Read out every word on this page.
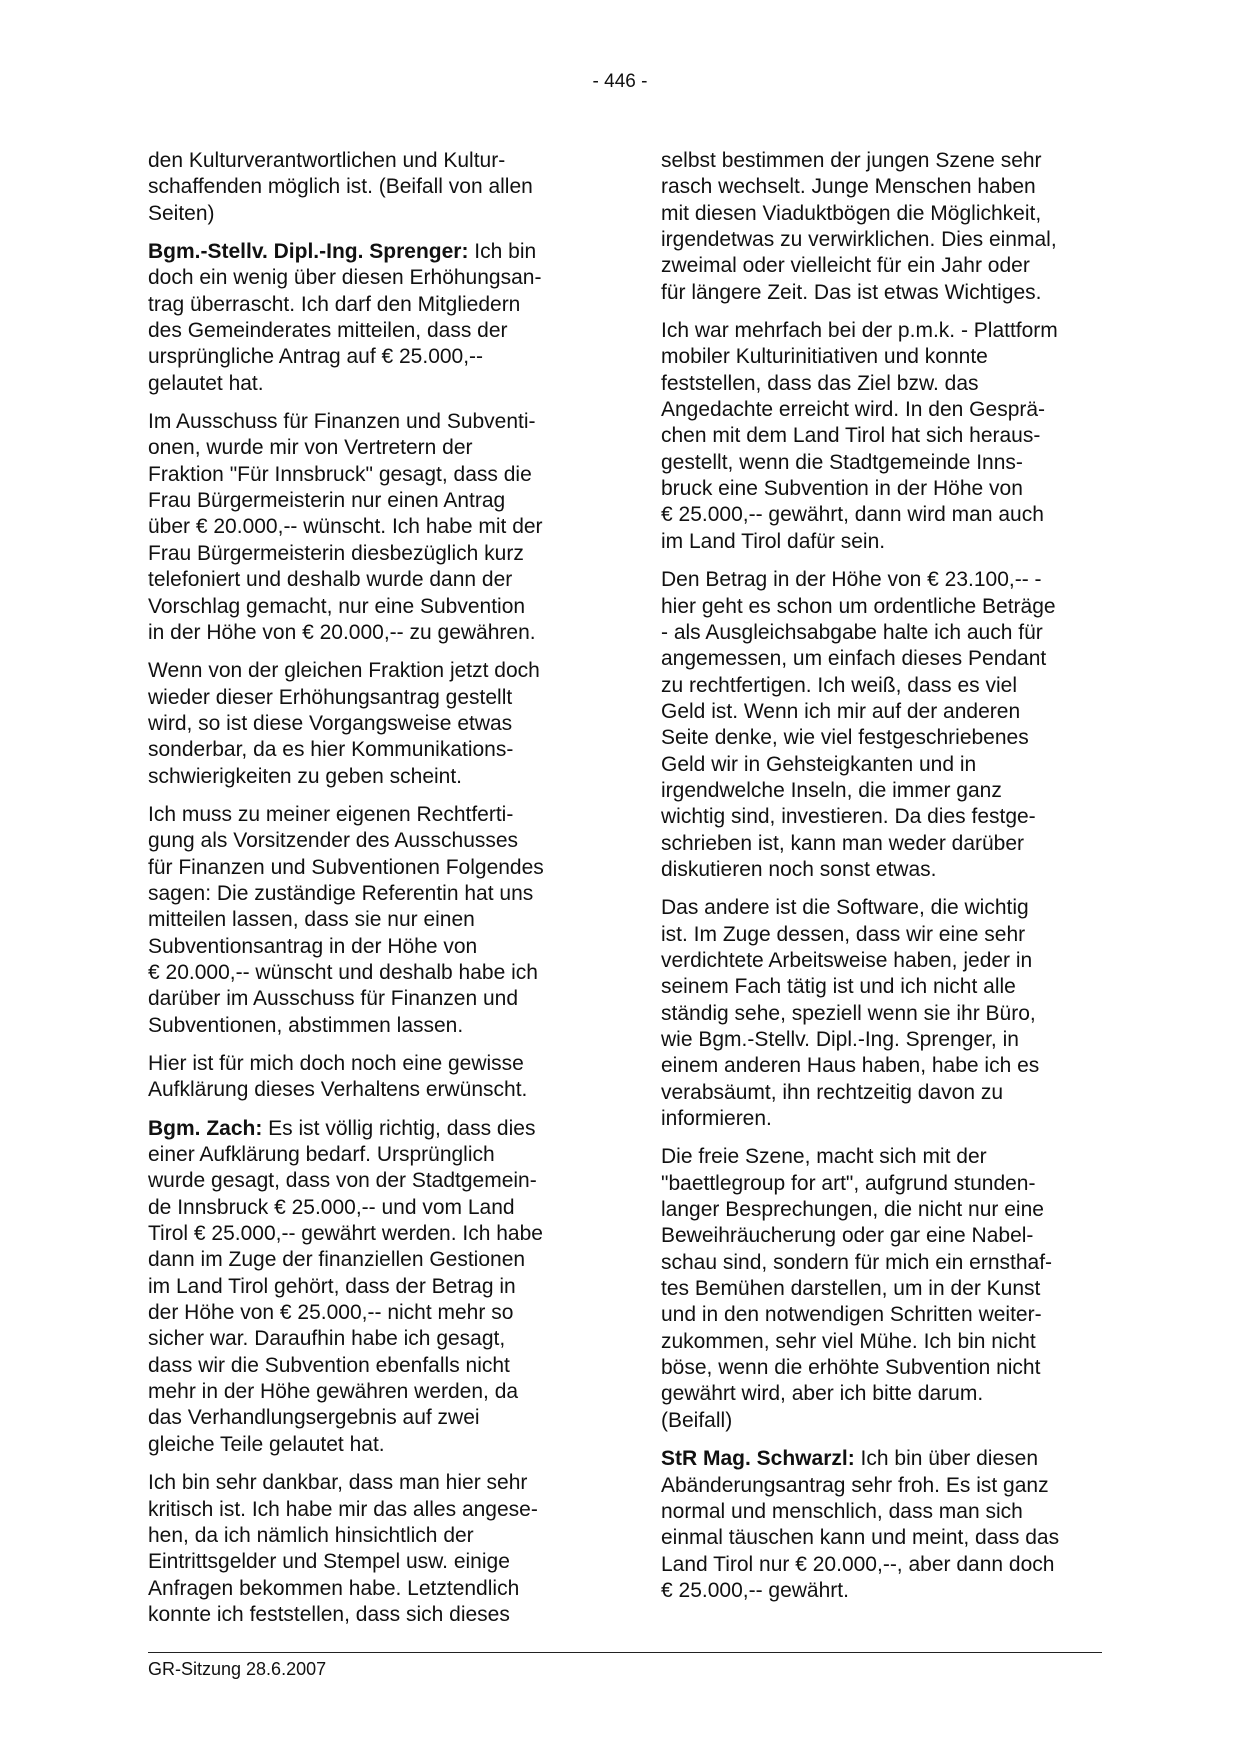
- 446 -
den Kulturverantwortlichen und Kultur-
schaffenden möglich ist. (Beifall von allen
Seiten)
Bgm.-Stellv. Dipl.-Ing. Sprenger: Ich bin
doch ein wenig über diesen Erhöhungsan-
trag überrascht. Ich darf den Mitgliedern
des Gemeinderates mitteilen, dass der
ursprüngliche Antrag auf € 25.000,--
gelautet hat.
Im Ausschuss für Finanzen und Subventi-
onen, wurde mir von Vertretern der
Fraktion "Für Innsbruck" gesagt, dass die
Frau Bürgermeisterin nur einen Antrag
über € 20.000,-- wünscht. Ich habe mit der
Frau Bürgermeisterin diesbezüglich kurz
telefoniert und deshalb wurde dann der
Vorschlag gemacht, nur eine Subvention
in der Höhe von € 20.000,-- zu gewähren.
Wenn von der gleichen Fraktion jetzt doch
wieder dieser Erhöhungsantrag gestellt
wird, so ist diese Vorgangsweise etwas
sonderbar, da es hier Kommunikations-
schwierigkeiten zu geben scheint.
Ich muss zu meiner eigenen Rechtferti-
gung als Vorsitzender des Ausschusses
für Finanzen und Subventionen Folgendes
sagen: Die zuständige Referentin hat uns
mitteilen lassen, dass sie nur einen
Subventionsantrag in der Höhe von
€ 20.000,-- wünscht und deshalb habe ich
darüber im Ausschuss für Finanzen und
Subventionen, abstimmen lassen.
Hier ist für mich doch noch eine gewisse
Aufklärung dieses Verhaltens erwünscht.
Bgm. Zach: Es ist völlig richtig, dass dies
einer Aufklärung bedarf. Ursprünglich
wurde gesagt, dass von der Stadtgemein-
de Innsbruck € 25.000,-- und vom Land
Tirol € 25.000,-- gewährt werden. Ich habe
dann im Zuge der finanziellen Gestionen
im Land Tirol gehört, dass der Betrag in
der Höhe von € 25.000,-- nicht mehr so
sicher war. Daraufhin habe ich gesagt,
dass wir die Subvention ebenfalls nicht
mehr in der Höhe gewähren werden, da
das Verhandlungsergebnis auf zwei
gleiche Teile gelautet hat.
Ich bin sehr dankbar, dass man hier sehr
kritisch ist. Ich habe mir das alles angese-
hen, da ich nämlich hinsichtlich der
Eintrittsgelder und Stempel usw. einige
Anfragen bekommen habe. Letztendlich
konnte ich feststellen, dass sich dieses
selbst bestimmen der jungen Szene sehr
rasch wechselt. Junge Menschen haben
mit diesen Viaduktbögen die Möglichkeit,
irgendetwas zu verwirklichen. Dies einmal,
zweimal oder vielleicht für ein Jahr oder
für längere Zeit. Das ist etwas Wichtiges.
Ich war mehrfach bei der p.m.k. - Plattform
mobiler Kulturinitiativen und konnte
feststellen, dass das Ziel bzw. das
Angedachte erreicht wird. In den Gesprä-
chen mit dem Land Tirol hat sich heraus-
gestellt, wenn die Stadtgemeinde Inns-
bruck eine Subvention in der Höhe von
€ 25.000,-- gewährt, dann wird man auch
im Land Tirol dafür sein.
Den Betrag in der Höhe von € 23.100,-- -
hier geht es schon um ordentliche Beträge
- als Ausgleichsabgabe halte ich auch für
angemessen, um einfach dieses Pendant
zu rechtfertigen. Ich weiß, dass es viel
Geld ist. Wenn ich mir auf der anderen
Seite denke, wie viel festgeschriebenes
Geld wir in Gehsteigkanten und in
irgendwelche Inseln, die immer ganz
wichtig sind, investieren. Da dies festge-
schrieben ist, kann man weder darüber
diskutieren noch sonst etwas.
Das andere ist die Software, die wichtig
ist. Im Zuge dessen, dass wir eine sehr
verdichtete Arbeitsweise haben, jeder in
seinem Fach tätig ist und ich nicht alle
ständig sehe, speziell wenn sie ihr Büro,
wie Bgm.-Stellv. Dipl.-Ing. Sprenger, in
einem anderen Haus haben, habe ich es
verabsäumt, ihn rechtzeitig davon zu
informieren.
Die freie Szene, macht sich mit der
"baettlegroup for art", aufgrund stunden-
langer Besprechungen, die nicht nur eine
Beweihräucherung oder gar eine Nabel-
schau sind, sondern für mich ein ernsthaf-
tes Bemühen darstellen, um in der Kunst
und in den notwendigen Schritten weiter-
zukommen, sehr viel Mühe. Ich bin nicht
böse, wenn die erhöhte Subvention nicht
gewährt wird, aber ich bitte darum.
(Beifall)
StR Mag. Schwarzl: Ich bin über diesen
Abänderungsantrag sehr froh. Es ist ganz
normal und menschlich, dass man sich
einmal täuschen kann und meint, dass das
Land Tirol nur € 20.000,--, aber dann doch
€ 25.000,-- gewährt.
GR-Sitzung 28.6.2007
